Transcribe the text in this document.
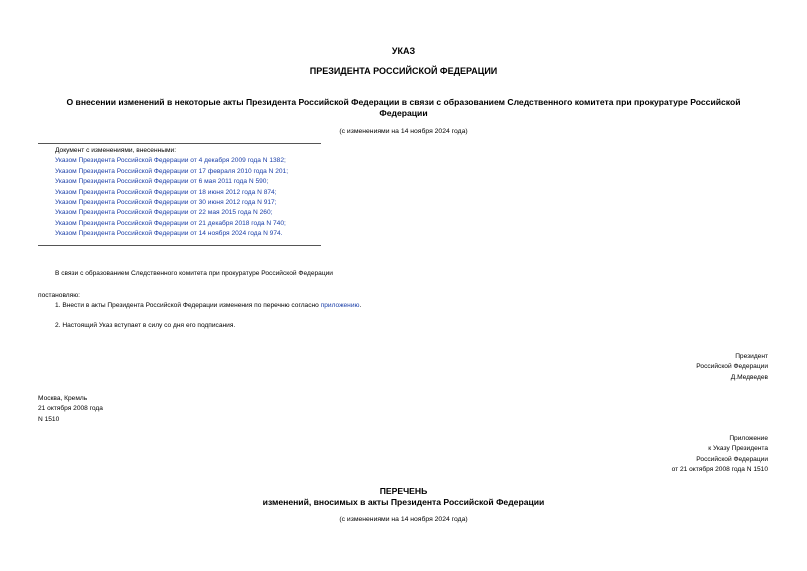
УКАЗ
ПРЕЗИДЕНТА РОССИЙСКОЙ ФЕДЕРАЦИИ
О внесении изменений в некоторые акты Президента Российской Федерации в связи с образованием Следственного комитета при прокуратуре Российской Федерации
(с изменениями на 14 ноября 2024 года)
Документ с изменениями, внесенными:
Указом Президента Российской Федерации от 4 декабря 2009 года N 1382;
Указом Президента Российской Федерации от 17 февраля 2010 года N 201;
Указом Президента Российской Федерации от 6 мая 2011 года N 590;
Указом Президента Российской Федерации от 18 июня 2012 года N 874;
Указом Президента Российской Федерации от 30 июня 2012 года N 917;
Указом Президента Российской Федерации от 22 мая 2015 года N 260;
Указом Президента Российской Федерации от 21 декабря 2018 года N 740;
Указом Президента Российской Федерации от 14 ноября 2024 года N 974.
В связи с образованием Следственного комитета при прокуратуре Российской Федерации
постановляю:
1. Внести в акты Президента Российской Федерации изменения по перечню согласно приложению.
2. Настоящий Указ вступает в силу со дня его подписания.
Президент
Российской Федерации
Д.Медведев
Москва, Кремль
21 октября 2008 года
N 1510
Приложение
к Указу Президента
Российской Федерации
от 21 октября 2008 года N 1510
ПЕРЕЧЕНЬ
изменений, вносимых в акты Президента Российской Федерации
(с изменениями на 14 ноября 2024 года)
